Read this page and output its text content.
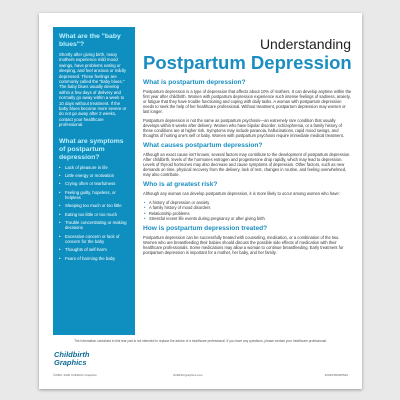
What are the "baby blues"?
Shortly after giving birth, many mothers experience mild mood swings, have problems eating or sleeping, and feel anxious or mildly depressed. These feelings are commonly called the "baby blues." The baby blues usually develop within a few days of delivery and normally go away within a week to 10 days without treatment. If the baby blues become more severe or do not go away after 2 weeks, contact your healthcare professional.
What are symptoms of postpartum depression?
• Lack of pleasure in life
• Little energy or motivation
• Crying often or tearfulness
• Feeling guilty, hopeless, or helpless
• Sleeping too much or too little
• Eating too little or too much
• Trouble concentrating or making decisions
• Excessive concern or lack of concern for the baby
• Thoughts of self-harm
• Fears of harming the baby
Understanding
Postpartum Depression
What is postpartum depression?
Postpartum depression is a type of depression that affects about 10% of mothers. It can develop anytime within the first year after childbirth. Women with postpartum depression experience such intense feelings of sadness, anxiety, or fatigue that they have trouble functioning and coping with daily tasks. A woman with postpartum depression needs to seek the help of her healthcare professional. Without treatment, postpartum depression may worsen or last longer.
Postpartum depression is not the same as postpartum psychosis—an extremely rare condition that usually develops within 6 weeks after delivery. Women who have bipolar disorder, schizophrenia, or a family history of these conditions are at higher risk. Symptoms may include paranoia, hallucinations, rapid mood swings, and thoughts of hurting one's self or baby. Women with postpartum psychosis require immediate medical treatment.
What causes postpartum depression?
Although an exact cause isn't known, several factors may contribute to the development of postpartum depression. After childbirth, levels of the hormones estrogen and progesterone drop rapidly, which may lead to depression. Levels of thyroid hormones may also decrease and cause symptoms of depression. Other factors, such as new demands on time, physical recovery from the delivery, lack of rest, changes in routine, and feeling overwhelmed, may also contribute.
Who is at greatest risk?
Although any woman can develop postpartum depression, it is more likely to occur among women who have:
• A history of depression or anxiety
• A family history of mood disorders
• Relationship problems
• Stressful recent life events during pregnancy or after giving birth
How is postpartum depression treated?
Postpartum depression can be successfully treated with counseling, medication, or a combination of the two. Women who are breastfeeding their babies should discuss the possible side effects of medication with their healthcare professionals. Some medications may allow a woman to continue breastfeeding. Early treatment for postpartum depression is important for a mother, her baby, and her family.
The information contained in this tear pad is not intended to replace the advice of a healthcare professional. If you have any questions, please contact your healthcare professional.
Childbirth Graphics
©2006, 2020 Childbirth Graphics	childbirthgraphics.com	32046/0508/0520
